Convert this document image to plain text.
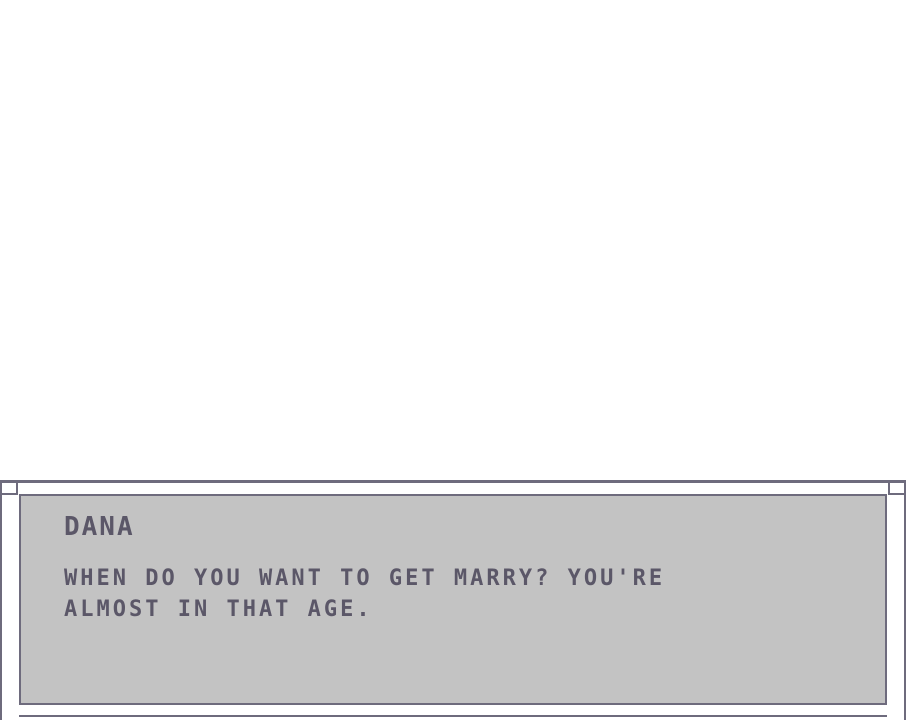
DANA
WHEN DO YOU WANT TO GET MARRY? YOU'RE
ALMOST IN THAT AGE.
